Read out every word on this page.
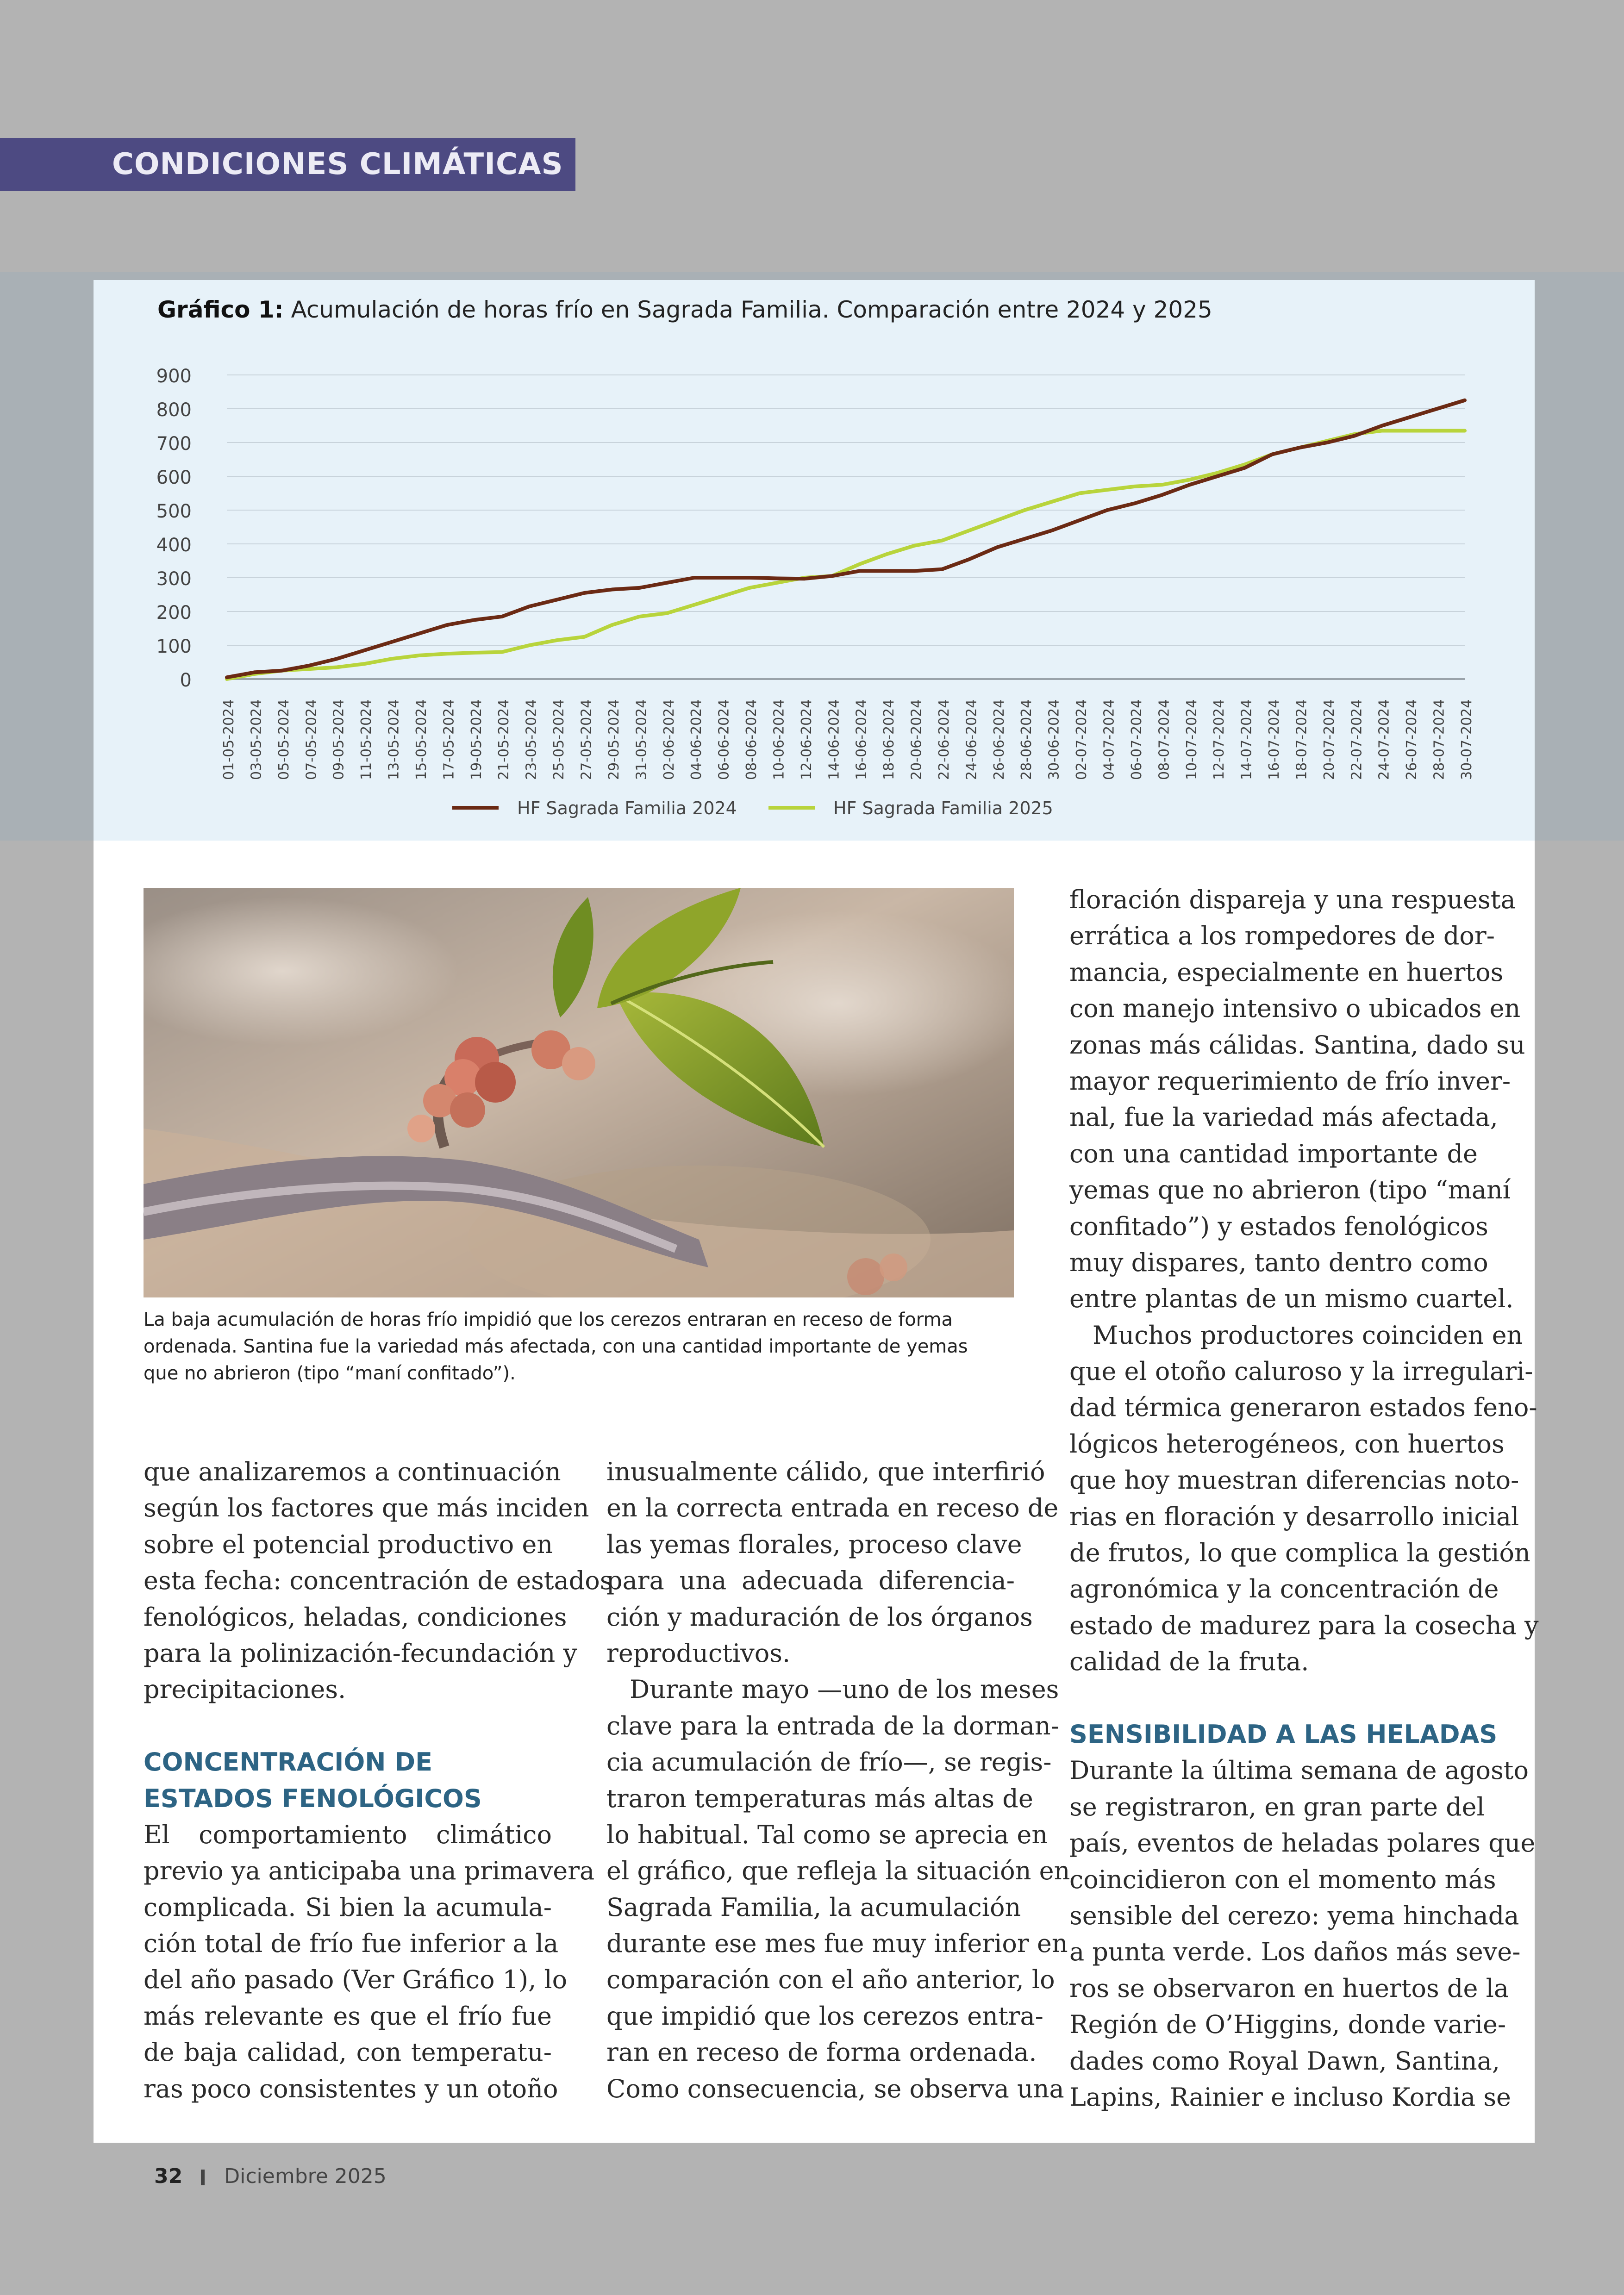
CONDICIONES CLIMÁTICAS
Gráfico 1: Acumulación de horas frío en Sagrada Familia. Comparación entre 2024 y 2025
0
100
200
300
400
500
600
700
800
900
01-05-2024 03-05-2024 05-05-2024 07-05-2024 09-05-2024 11-05-2024 13-05-2024 15-05-2024 17-05-2024 19-05-2024 21-05-2024 23-05-2024 25-05-2024 27-05-2024 29-05-2024 31-05-2024 02-06-2024 04-06-2024 06-06-2024 08-06-2024 10-06-2024 12-06-2024 14-06-2024 16-06-2024 18-06-2024 20-06-2024 22-06-2024 24-06-2024 26-06-2024 28-06-2024 30-06-2024 02-07-2024 04-07-2024 06-07-2024 08-07-2024 10-07-2024 12-07-2024 14-07-2024 16-07-2024 18-07-2024 20-07-2024 22-07-2024 24-07-2024 26-07-2024 28-07-2024 30-07-2024
HF Sagrada Familia 2024	HF Sagrada Familia 2025
La baja acumulación de horas frío impidió que los cerezos entraran en receso de forma
ordenada. Santina fue la variedad más afectada, con una cantidad importante de yemas
que no abrieron (tipo “maní confitado”).
que analizaremos a continuación
según los factores que más inciden
sobre el potencial productivo en
esta fecha: concentración de estados
fenológicos, heladas, condiciones
para la polinización-fecundación y
precipitaciones.
CONCENTRACIÓN DE
ESTADOS FENOLÓGICOS
El comportamiento climático
previo ya anticipaba una primavera
complicada. Si bien la acumula-
ción total de frío fue inferior a la
del año pasado (Ver Gráfico 1), lo
más relevante es que el frío fue
de baja calidad, con temperatu-
ras poco consistentes y un otoño
inusualmente cálido, que interfirió
en la correcta entrada en receso de
las yemas florales, proceso clave
para una adecuada diferencia-
ción y maduración de los órganos
reproductivos.
Durante mayo —uno de los meses
clave para la entrada de la dorman-
cia acumulación de frío—, se regis-
traron temperaturas más altas de
lo habitual. Tal como se aprecia en
el gráfico, que refleja la situación en
Sagrada Familia, la acumulación
durante ese mes fue muy inferior en
comparación con el año anterior, lo
que impidió que los cerezos entra-
ran en receso de forma ordenada.
Como consecuencia, se observa una
floración dispareja y una respuesta
errática a los rompedores de dor-
mancia, especialmente en huertos
con manejo intensivo o ubicados en
zonas más cálidas. Santina, dado su
mayor requerimiento de frío inver-
nal, fue la variedad más afectada,
con una cantidad importante de
yemas que no abrieron (tipo “maní
confitado”) y estados fenológicos
muy dispares, tanto dentro como
entre plantas de un mismo cuartel.
Muchos productores coinciden en
que el otoño caluroso y la irregulari-
dad térmica generaron estados feno-
lógicos heterogéneos, con huertos
que hoy muestran diferencias noto-
rias en floración y desarrollo inicial
de frutos, lo que complica la gestión
agronómica y la concentración de
estado de madurez para la cosecha y
calidad de la fruta.
SENSIBILIDAD A LAS HELADAS
Durante la última semana de agosto
se registraron, en gran parte del
país, eventos de heladas polares que
coincidieron con el momento más
sensible del cerezo: yema hinchada
a punta verde. Los daños más seve-
ros se observaron en huertos de la
Región de O’Higgins, donde varie-
dades como Royal Dawn, Santina,
Lapins, Rainier e incluso Kordia se
32 Diciembre 2025
